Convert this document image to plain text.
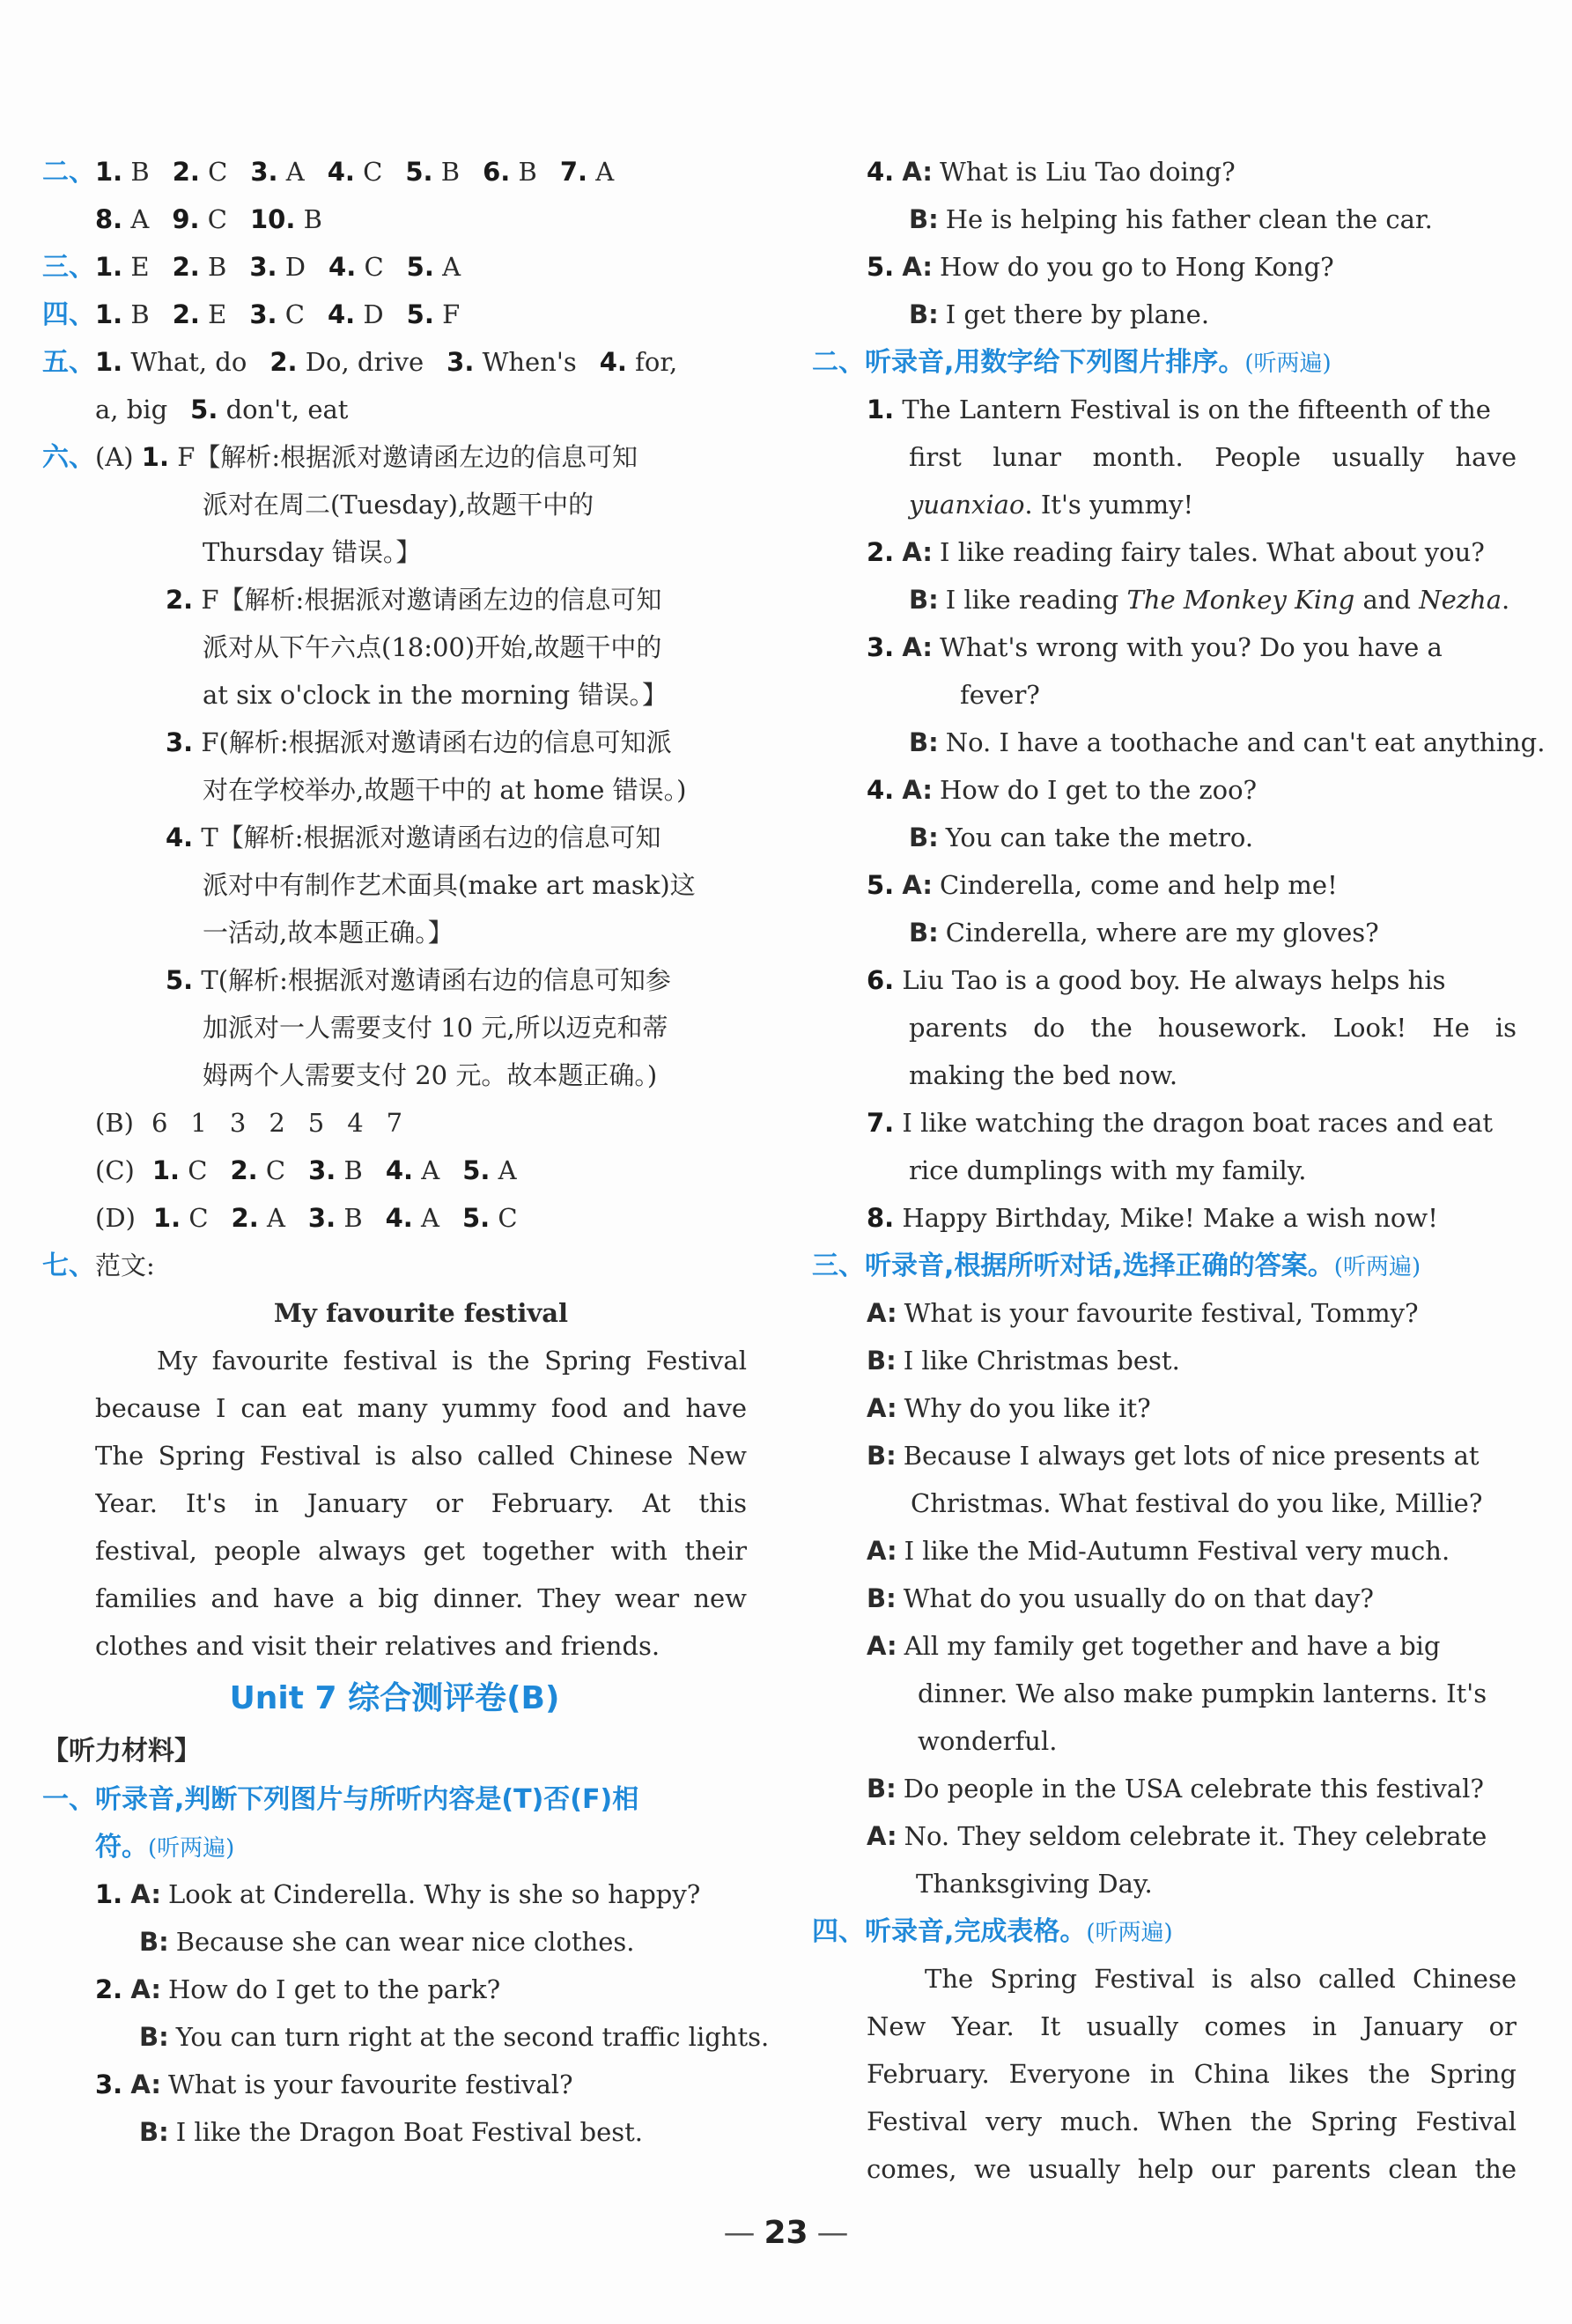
二、1. B 2. C 3. A 4. C 5. B 6. B 7. A
8. A 9. C 10. B
三、1. E 2. B 3. D 4. C 5. A
四、1. B 2. E 3. C 4. D 5. F
五、1. What, do 2. Do, drive 3. When's 4. for,
a, big 5. don't, eat
六、(A) 1. F【解析:根据派对邀请函左边的信息可知
派对在周二(Tuesday),故题干中的
Thursday 错误。】
2. F【解析:根据派对邀请函左边的信息可知
派对从下午六点(18:00)开始,故题干中的
at six o'clock in the morning 错误。】
3. F(解析:根据派对邀请函右边的信息可知派
对在学校举办,故题干中的 at home 错误。)
4. T【解析:根据派对邀请函右边的信息可知
派对中有制作艺术面具(make art mask)这
一活动,故本题正确。】
5. T(解析:根据派对邀请函右边的信息可知参
加派对一人需要支付 10 元,所以迈克和蒂
姆两个人需要支付 20 元。故本题正确。)
(B) 6 1 3 2 5 4 7
(C) 1. C 2. C 3. B 4. A 5. A
(D) 1. C 2. A 3. B 4. A 5. C
七、范文:
My favourite festival
My favourite festival is the Spring Festival
because I can eat many yummy food and have
The Spring Festival is also called Chinese New
Year. It's in January or February. At this
festival, people always get together with their
families and have a big dinner. They wear new
clothes and visit their relatives and friends.
Unit 7 综合测评卷(B)
【听力材料】
一、听录音,判断下列图片与所听内容是(T)否(F)相
符。(听两遍)
1. A: Look at Cinderella. Why is she so happy?
B: Because she can wear nice clothes.
2. A: How do I get to the park?
B: You can turn right at the second traffic lights.
3. A: What is your favourite festival?
B: I like the Dragon Boat Festival best.
4. A: What is Liu Tao doing?
B: He is helping his father clean the car.
5. A: How do you go to Hong Kong?
B: I get there by plane.
二、听录音,用数字给下列图片排序。(听两遍)
1. The Lantern Festival is on the fifteenth of the
first lunar month. People usually have
yuanxiao. It's yummy!
2. A: I like reading fairy tales. What about you?
B: I like reading The Monkey King and Nezha.
3. A: What's wrong with you? Do you have a
fever?
B: No. I have a toothache and can't eat anything.
4. A: How do I get to the zoo?
B: You can take the metro.
5. A: Cinderella, come and help me!
B: Cinderella, where are my gloves?
6. Liu Tao is a good boy. He always helps his
parents do the housework. Look! He is
making the bed now.
7. I like watching the dragon boat races and eat
rice dumplings with my family.
8. Happy Birthday, Mike! Make a wish now!
三、听录音,根据所听对话,选择正确的答案。(听两遍)
A: What is your favourite festival, Tommy?
B: I like Christmas best.
A: Why do you like it?
B: Because I always get lots of nice presents at
Christmas. What festival do you like, Millie?
A: I like the Mid-Autumn Festival very much.
B: What do you usually do on that day?
A: All my family get together and have a big
dinner. We also make pumpkin lanterns. It's
wonderful.
B: Do people in the USA celebrate this festival?
A: No. They seldom celebrate it. They celebrate
Thanksgiving Day.
四、听录音,完成表格。(听两遍)
The Spring Festival is also called Chinese
New Year. It usually comes in January or
February. Everyone in China likes the Spring
Festival very much. When the Spring Festival
comes, we usually help our parents clean the
— 23 —
